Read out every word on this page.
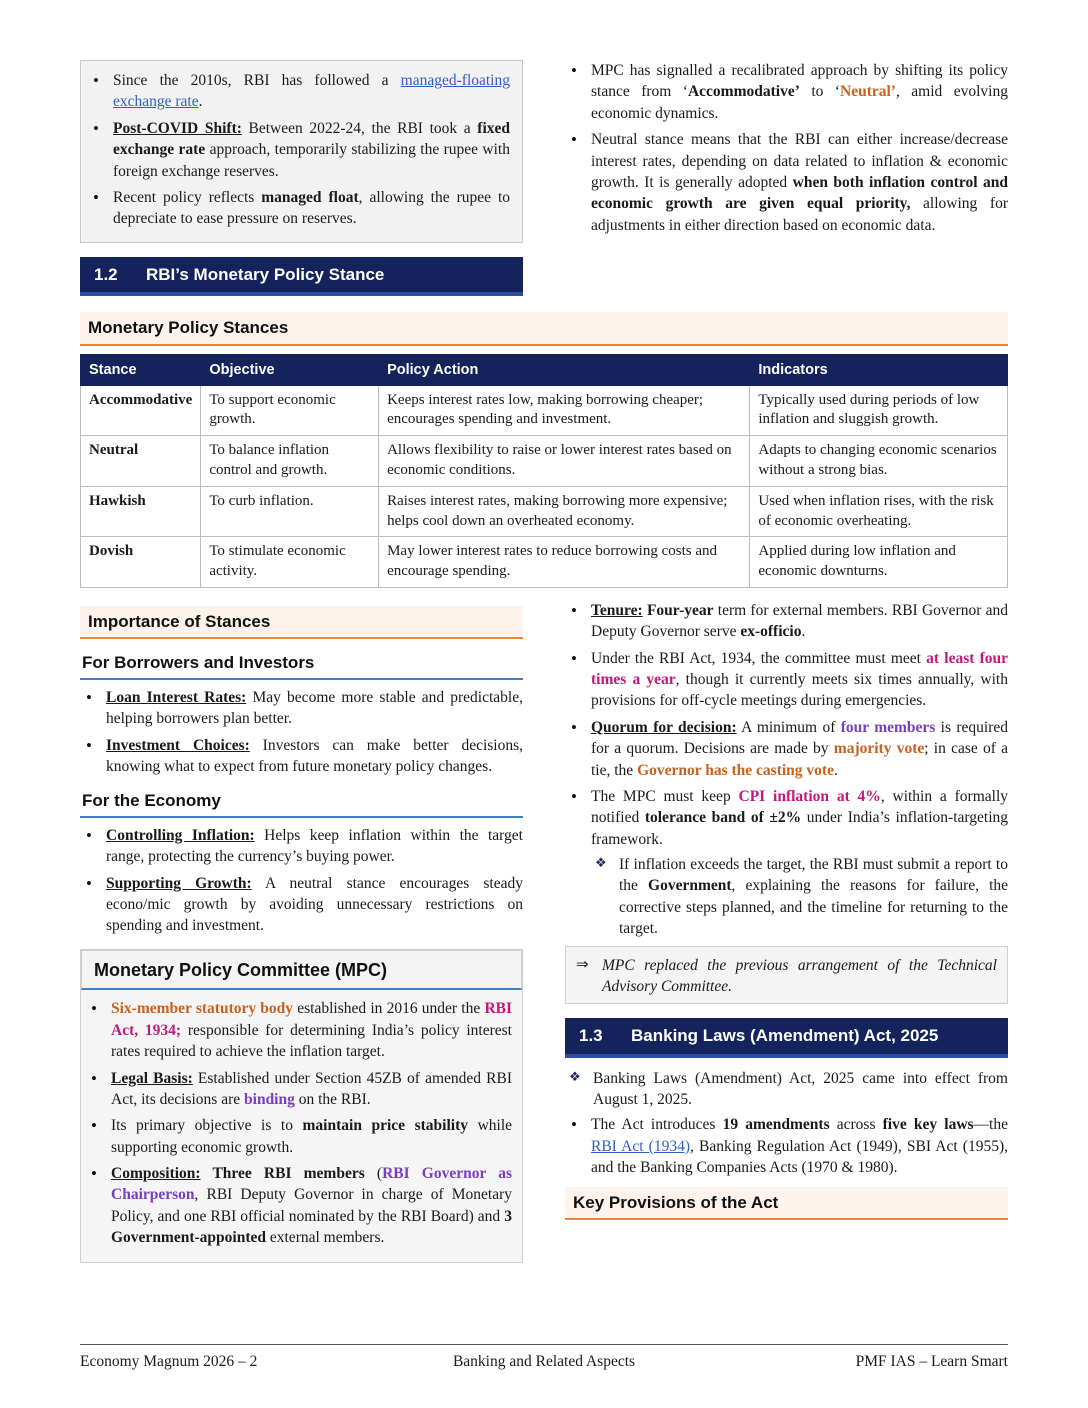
• Since the 2010s, RBI has followed a managed-floating exchange rate.
• Post-COVID Shift: Between 2022-24, the RBI took a fixed exchange rate approach, temporarily stabilizing the rupee with foreign exchange reserves.
• Recent policy reflects managed float, allowing the rupee to depreciate to ease pressure on reserves.
1.2	RBI’s Monetary Policy Stance
• MPC has signalled a recalibrated approach by shifting its policy stance from ‘Accommodative’ to ‘Neutral’, amid evolving economic dynamics.
• Neutral stance means that the RBI can either increase/decrease interest rates, depending on data related to inflation & economic growth. It is generally adopted when both inflation control and economic growth are given equal priority, allowing for adjustments in either direction based on economic data.
Monetary Policy Stances
Stance	Objective	Policy Action	Indicators
Accommodative	To support economic growth.	Keeps interest rates low, making borrowing cheaper; encourages spending and investment.	Typically used during periods of low inflation and sluggish growth.
Neutral	To balance inflation control and growth.	Allows flexibility to raise or lower interest rates based on economic conditions.	Adapts to changing economic scenarios without a strong bias.
Hawkish	To curb inflation.	Raises interest rates, making borrowing more expensive; helps cool down an overheated economy.	Used when inflation rises, with the risk of economic overheating.
Dovish	To stimulate economic activity.	May lower interest rates to reduce borrowing costs and encourage spending.	Applied during low inflation and economic downturns.
Importance of Stances
For Borrowers and Investors
• Loan Interest Rates: May become more stable and predictable, helping borrowers plan better.
• Investment Choices: Investors can make better decisions, knowing what to expect from future monetary policy changes.
For the Economy
• Controlling Inflation: Helps keep inflation within the target range, protecting the currency’s buying power.
• Supporting Growth: A neutral stance encourages steady econo/mic growth by avoiding unnecessary restrictions on spending and investment.
Monetary Policy Committee (MPC)
• Six-member statutory body established in 2016 under the RBI Act, 1934; responsible for determining India’s policy interest rates required to achieve the inflation target.
• Legal Basis: Established under Section 45ZB of amended RBI Act, its decisions are binding on the RBI.
• Its primary objective is to maintain price stability while supporting economic growth.
• Composition: Three RBI members (RBI Governor as Chairperson, RBI Deputy Governor in charge of Monetary Policy, and one RBI official nominated by the RBI Board) and 3 Government-appointed external members.
• Tenure: Four-year term for external members. RBI Governor and Deputy Governor serve ex-officio.
• Under the RBI Act, 1934, the committee must meet at least four times a year, though it currently meets six times annually, with provisions for off-cycle meetings during emergencies.
• Quorum for decision: A minimum of four members is required for a quorum. Decisions are made by majority vote; in case of a tie, the Governor has the casting vote.
• The MPC must keep CPI inflation at 4%, within a formally notified tolerance band of ±2% under India’s inflation-targeting framework.
❖ If inflation exceeds the target, the RBI must submit a report to the Government, explaining the reasons for failure, the corrective steps planned, and the timeline for returning to the target.
⇒ MPC replaced the previous arrangement of the Technical Advisory Committee.
1.3	Banking Laws (Amendment) Act, 2025
❖ Banking Laws (Amendment) Act, 2025 came into effect from August 1, 2025.
• The Act introduces 19 amendments across five key laws—the RBI Act (1934), Banking Regulation Act (1949), SBI Act (1955), and the Banking Companies Acts (1970 & 1980).
Key Provisions of the Act
Economy Magnum 2026 – 2	Banking and Related Aspects	PMF IAS – Learn Smart
